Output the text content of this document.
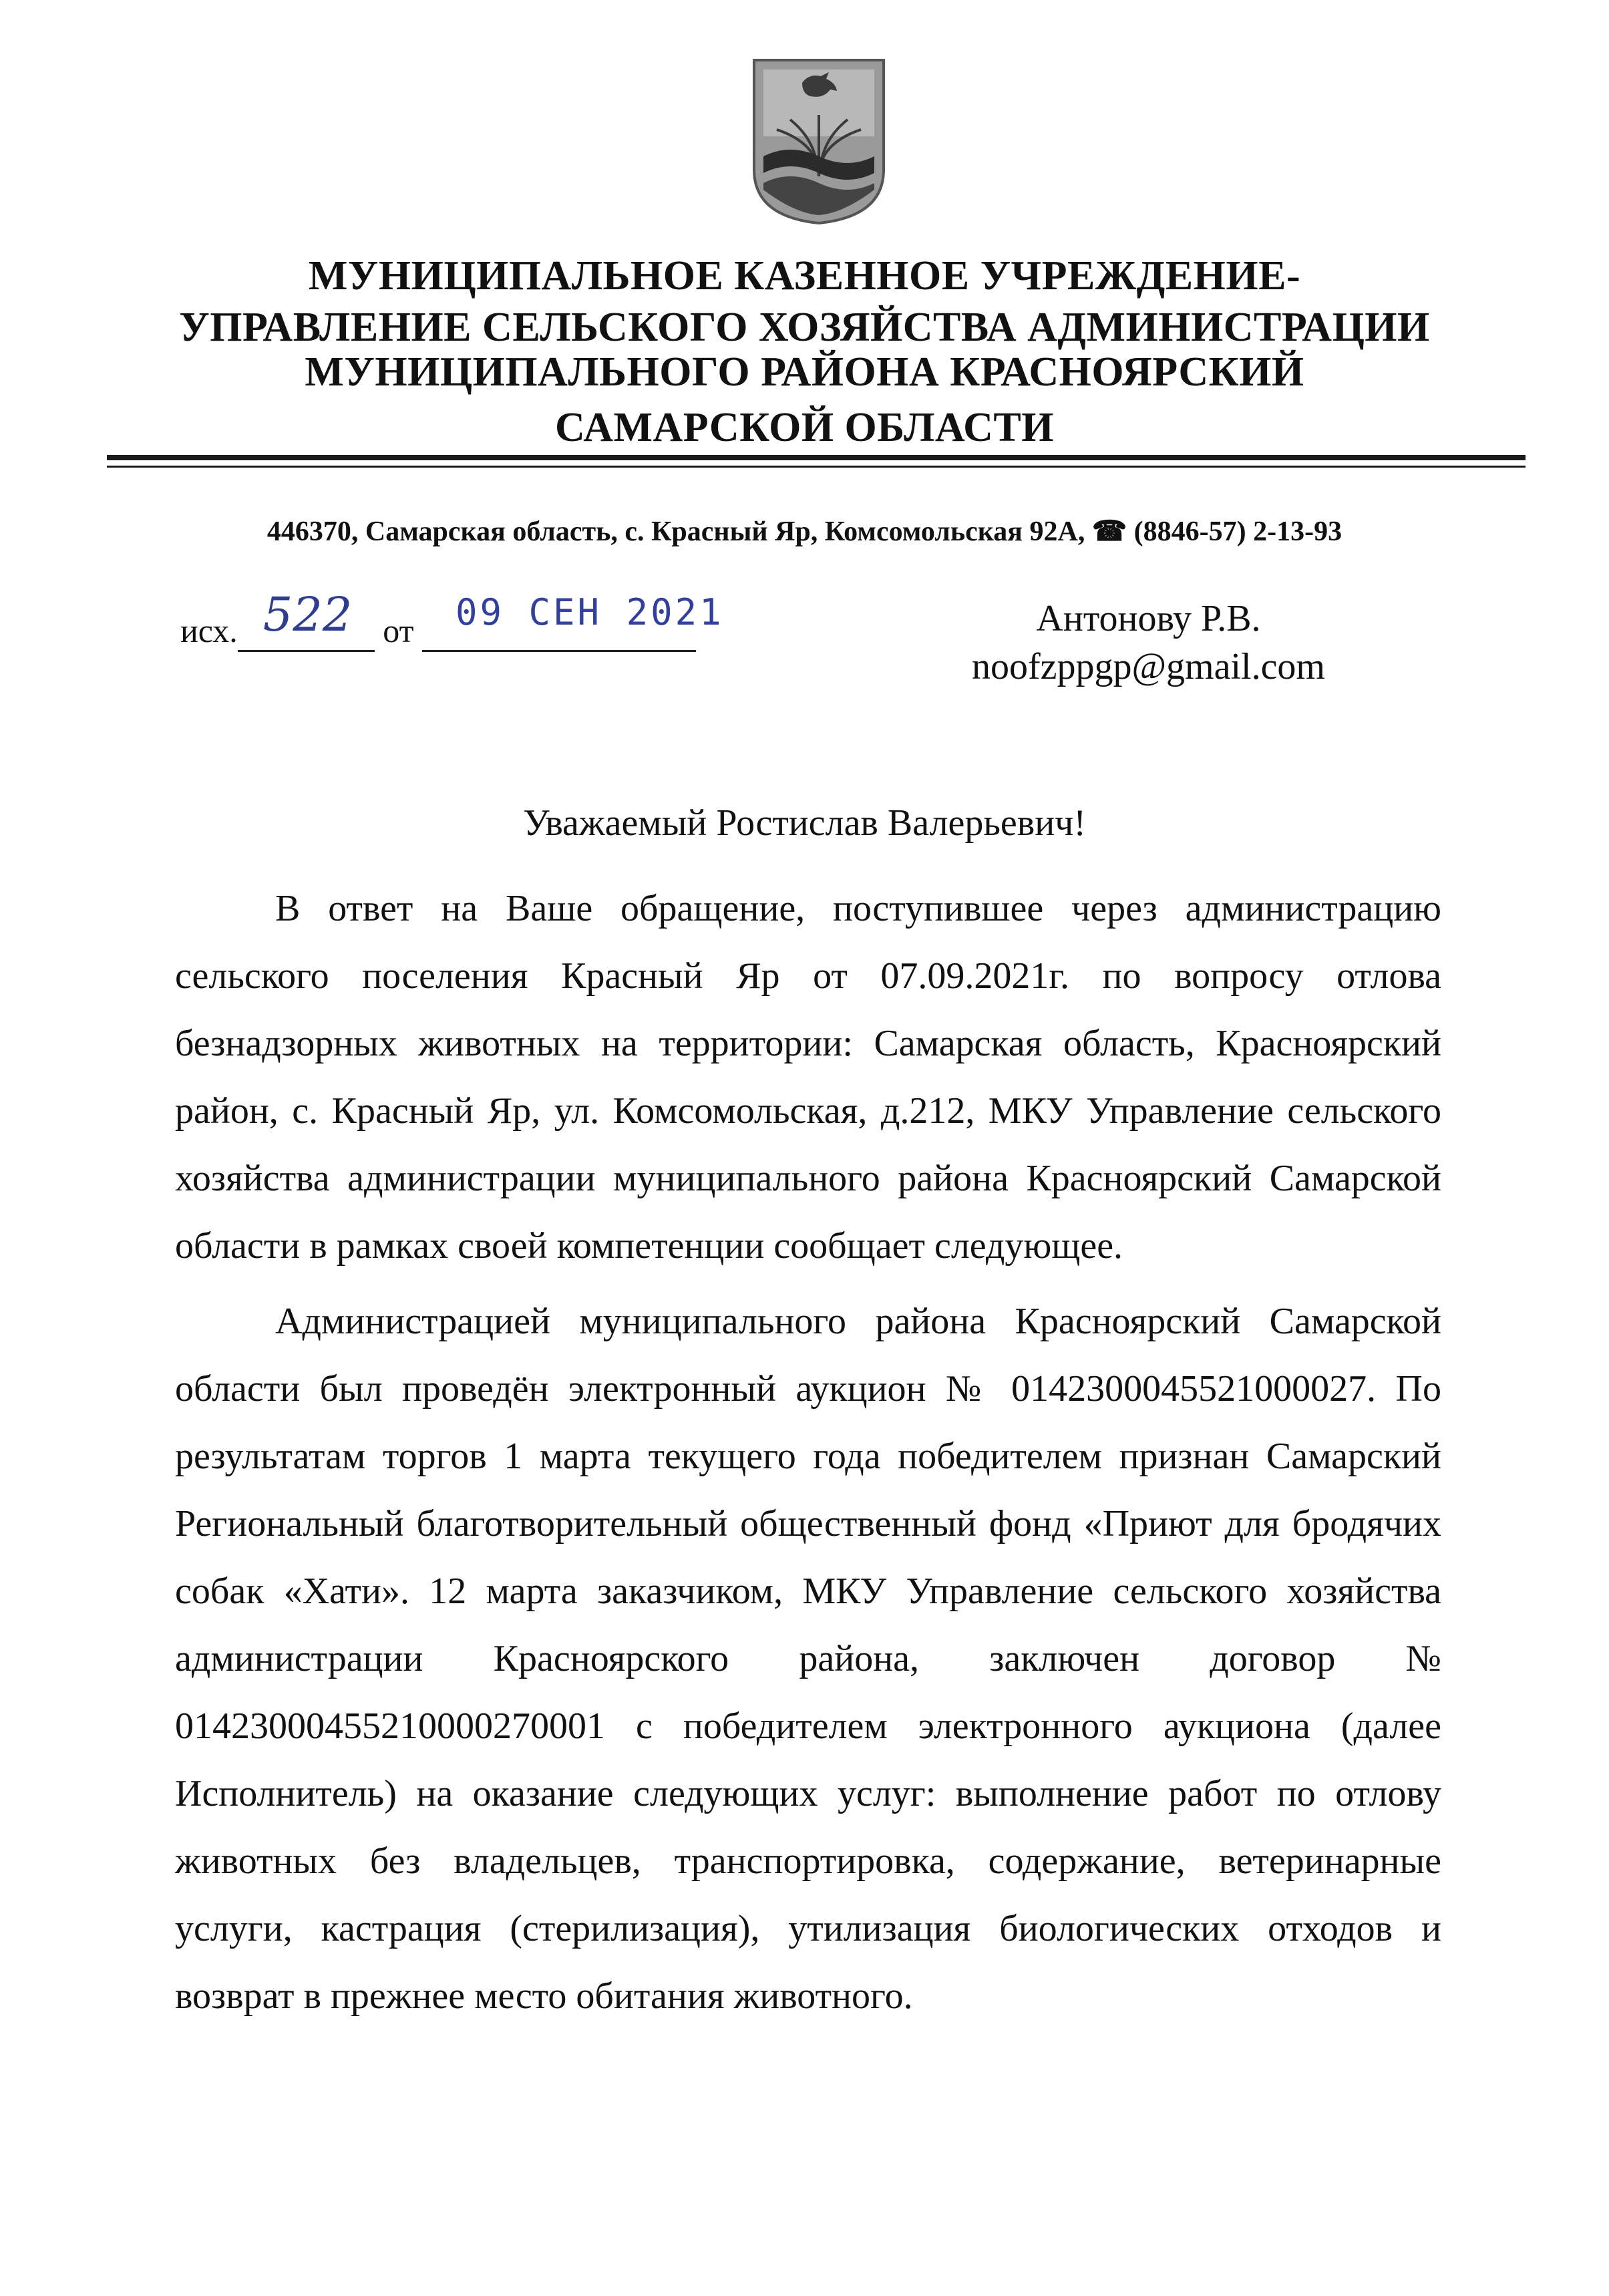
МУНИЦИПАЛЬНОЕ КАЗЕННОЕ УЧРЕЖДЕНИЕ-
УПРАВЛЕНИЕ СЕЛЬСКОГО ХОЗЯЙСТВА АДМИНИСТРАЦИИ
МУНИЦИПАЛЬНОГО РАЙОНА КРАСНОЯРСКИЙ
САМАРСКОЙ ОБЛАСТИ
446370, Самарская область, с. Красный Яр, Комсомольская 92А, ☎ (8846-57) 2-13-93
исх. 522 от 09 СЕН 2021
	Антонову Р.В.
noofzppgp@gmail.com
Уважаемый Ростислав Валерьевич!

В ответ на Ваше обращение, поступившее через администрацию сельского поселения Красный Яр от 07.09.2021г. по вопросу отлова безнадзорных животных на территории: Самарская область, Красноярский район, с. Красный Яр, ул. Комсомольская, д.212, МКУ Управление сельского хозяйства администрации муниципального района Красноярский Самарской области в рамках своей компетенции сообщает следующее.

Администрацией муниципального района Красноярский Самарской области был проведён электронный аукцион № 0142300045521000027. По результатам торгов 1 марта текущего года победителем признан Самарский Региональный благотворительный общественный фонд «Приют для бродячих собак «Хати». 12 марта заказчиком, МКУ Управление сельского хозяйства администрации Красноярского района, заключен договор № 01423000455210000270001 с победителем электронного аукциона (далее Исполнитель) на оказание следующих услуг: выполнение работ по отлову животных без владельцев, транспортировка, содержание, ветеринарные услуги, кастрация (стерилизация), утилизация биологических отходов и возврат в прежнее место обитания животного.
